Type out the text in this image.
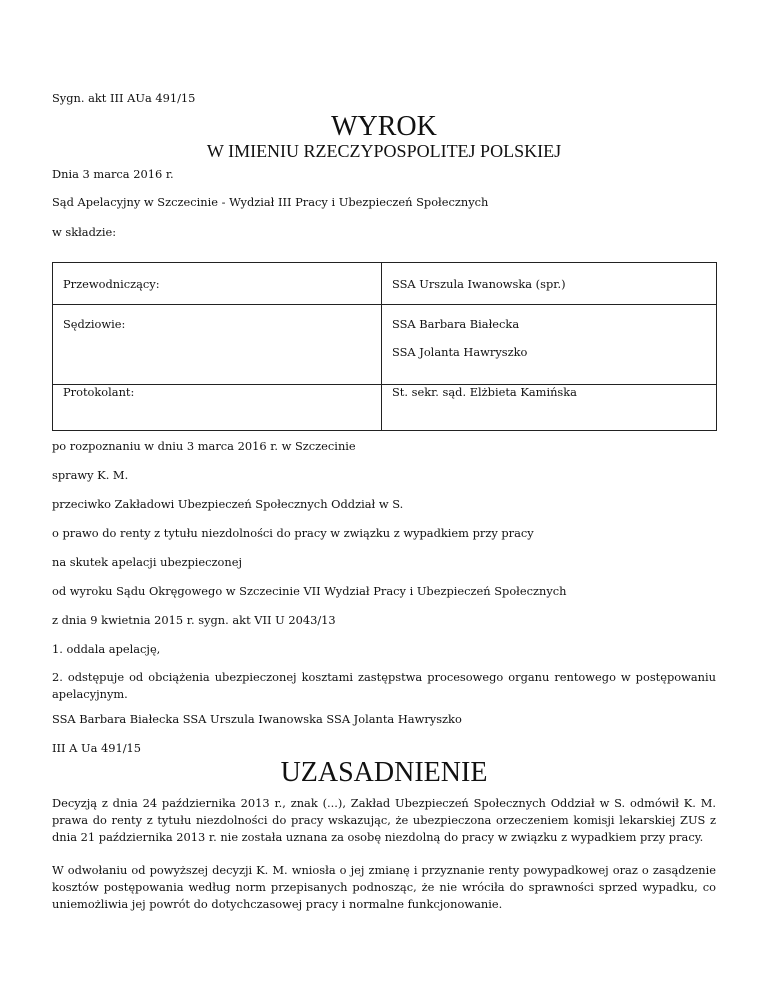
Sygn. akt III AUa 491/15
WYROK
W IMIENIU RZECZYPOSPOLITEJ POLSKIEJ
Dnia 3 marca 2016 r.
Sąd Apelacyjny w Szczecinie - Wydział III Pracy i Ubezpieczeń Społecznych
w składzie:
Przewodniczący:	SSA Urszula Iwanowska (spr.)

Sędziowie:	SSA Barbara Białecka
SSA Jolanta Hawryszko

Protokolant:	St. sekr. sąd. Elżbieta Kamińska
po rozpoznaniu w dniu 3 marca 2016 r. w Szczecinie
sprawy K. M.
przeciwko Zakładowi Ubezpieczeń Społecznych Oddział w S.
o prawo do renty z tytułu niezdolności do pracy w związku z wypadkiem przy pracy
na skutek apelacji ubezpieczonej
od wyroku Sądu Okręgowego w Szczecinie VII Wydział Pracy i Ubezpieczeń Społecznych
z dnia 9 kwietnia 2015 r. sygn. akt VII U 2043/13
1. oddala apelację,
2. odstępuje od obciążenia ubezpieczonej kosztami zastępstwa procesowego organu rentowego w postępowaniu apelacyjnym.
SSA Barbara Białecka SSA Urszula Iwanowska SSA Jolanta Hawryszko
III A Ua 491/15
UZASADNIENIE
Decyzją z dnia 24 października 2013 r., znak (...), Zakład Ubezpieczeń Społecznych Oddział w S. odmówił K. M. prawa do renty z tytułu niezdolności do pracy wskazując, że ubezpieczona orzeczeniem komisji lekarskiej ZUS z dnia 21 października 2013 r. nie została uznana za osobę niezdolną do pracy w związku z wypadkiem przy pracy.
W odwołaniu od powyższej decyzji K. M. wniosła o jej zmianę i przyznanie renty powypadkowej oraz o zasądzenie kosztów postępowania według norm przepisanych podnosząc, że nie wróciła do sprawności sprzed wypadku, co uniemożliwia jej powrót do dotychczasowej pracy i normalne funkcjonowanie.
